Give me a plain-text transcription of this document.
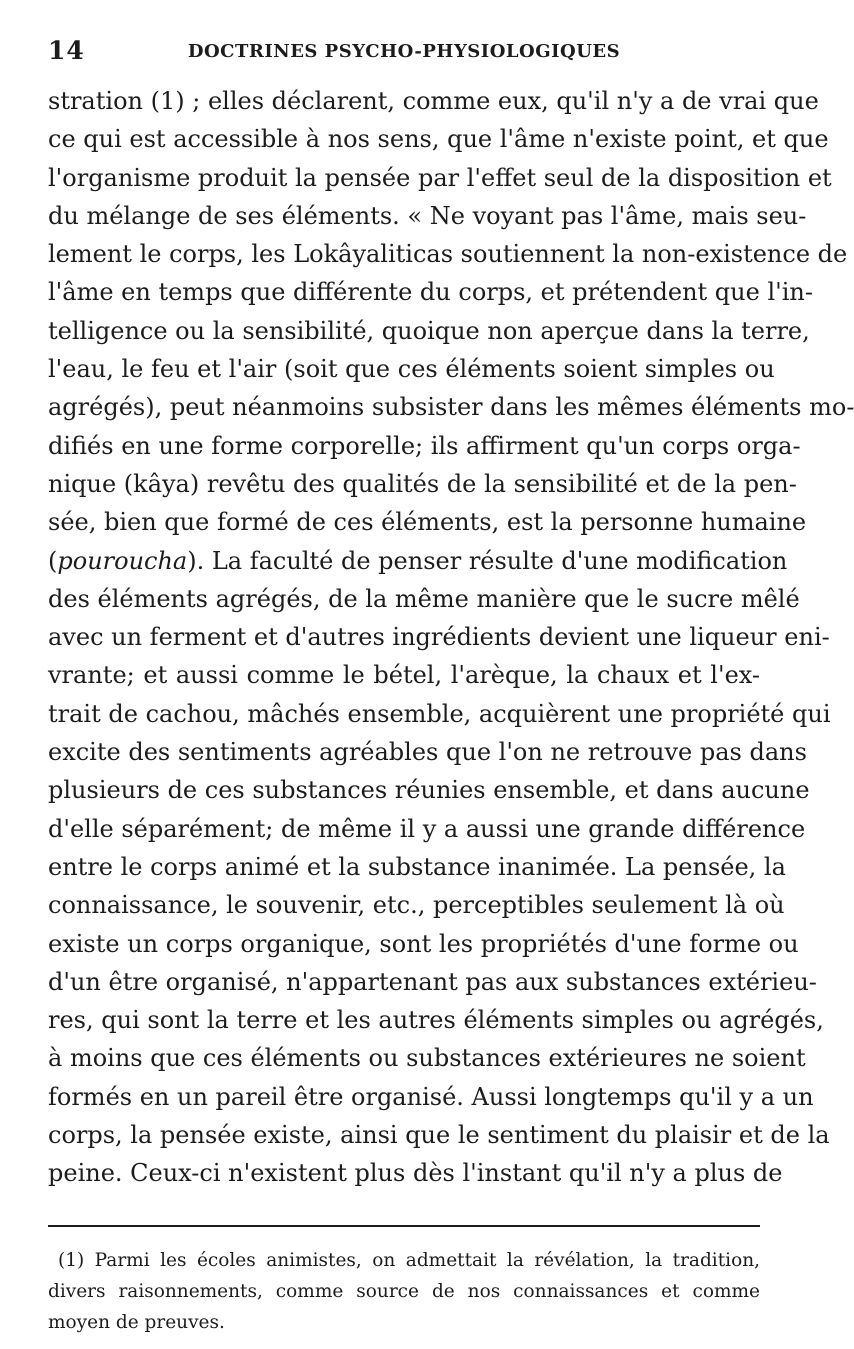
14	DOCTRINES PSYCHO-PHYSIOLOGIQUES
stration (1) ; elles déclarent, comme eux, qu'il n'y a de vrai que
ce qui est accessible à nos sens, que l'âme n'existe point, et que
l'organisme produit la pensée par l'effet seul de la disposition et
du mélange de ses éléments. « Ne voyant pas l'âme, mais seu-
lement le corps, les Lokâyaliticas soutiennent la non-existence de
l'âme en temps que différente du corps, et prétendent que l'in-
telligence ou la sensibilité, quoique non aperçue dans la terre,
l'eau, le feu et l'air (soit que ces éléments soient simples ou
agrégés), peut néanmoins subsister dans les mêmes éléments mo-
difiés en une forme corporelle; ils affirment qu'un corps orga-
nique (kâya) revêtu des qualités de la sensibilité et de la pen-
sée, bien que formé de ces éléments, est la personne humaine
(pourouchа). La faculté de penser résulte d'une modification
des éléments agrégés, de la même manière que le sucre mêlé
avec un ferment et d'autres ingrédients devient une liqueur eni-
vrante; et aussi comme le bétel, l'arèque, la chaux et l'ex-
trait de cachou, mâchés ensemble, acquièrent une propriété qui
excite des sentiments agréables que l'on ne retrouve pas dans
plusieurs de ces substances réunies ensemble, et dans aucune
d'elle séparément; de même il y a aussi une grande différence
entre le corps animé et la substance inanimée. La pensée, la
connaissance, le souvenir, etc., perceptibles seulement là où
existe un corps organique, sont les propriétés d'une forme ou
d'un être organisé, n'appartenant pas aux substances extérieu-
res, qui sont la terre et les autres éléments simples ou agrégés,
à moins que ces éléments ou substances extérieures ne soient
formés en un pareil être organisé. Aussi longtemps qu'il y a un
corps, la pensée existe, ainsi que le sentiment du plaisir et de la
peine. Ceux-ci n'existent plus dès l'instant qu'il n'y a plus de
(1) Parmi les écoles animistes, on admettait la révélation, la tradition,
divers raisonnements, comme source de nos connaissances et comme
moyen de preuves.
